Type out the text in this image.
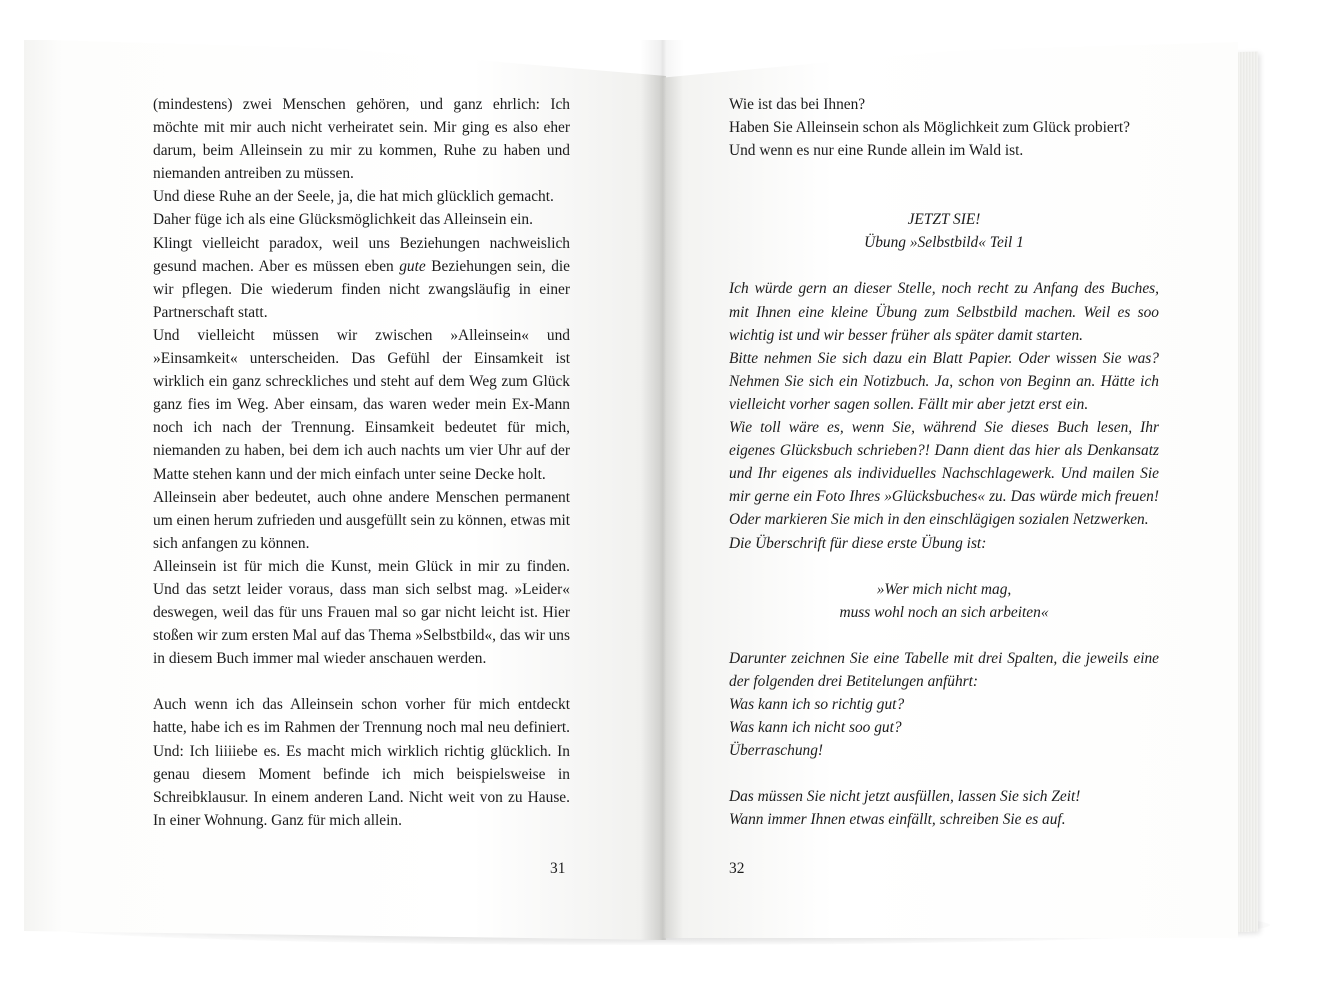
(mindestens) zwei Menschen gehören, und ganz ehrlich: Ich möchte mit mir auch nicht verheiratet sein. Mir ging es also eher darum, beim Alleinsein zu mir zu kommen, Ruhe zu haben und niemanden antreiben zu müssen.

Und diese Ruhe an der Seele, ja, die hat mich glücklich gemacht.

Daher füge ich als eine Glücksmöglichkeit das Alleinsein ein.

Klingt vielleicht paradox, weil uns Beziehungen nachweislich gesund machen. Aber es müssen eben gute Beziehungen sein, die wir pflegen. Die wiederum finden nicht zwangsläufig in einer Partnerschaft statt.

Und vielleicht müssen wir zwischen »Alleinsein« und »Einsamkeit« unterscheiden. Das Gefühl der Einsamkeit ist wirklich ein ganz schreckliches und steht auf dem Weg zum Glück ganz fies im Weg. Aber einsam, das waren weder mein Ex-Mann noch ich nach der Trennung. Einsamkeit bedeutet für mich, niemanden zu haben, bei dem ich auch nachts um vier Uhr auf der Matte stehen kann und der mich einfach unter seine Decke holt.

Alleinsein aber bedeutet, auch ohne andere Menschen permanent um einen herum zufrieden und ausgefüllt sein zu können, etwas mit sich anfangen zu können.

Alleinsein ist für mich die Kunst, mein Glück in mir zu finden. Und das setzt leider voraus, dass man sich selbst mag. »Leider« deswegen, weil das für uns Frauen mal so gar nicht leicht ist. Hier stoßen wir zum ersten Mal auf das Thema »Selbstbild«, das wir uns in diesem Buch immer mal wieder anschauen werden.

Auch wenn ich das Alleinsein schon vorher für mich entdeckt hatte, habe ich es im Rahmen der Trennung noch mal neu definiert. Und: Ich liiiiebe es. Es macht mich wirklich richtig glücklich. In genau diesem Moment befinde ich mich beispielsweise in Schreibklausur. In einem anderen Land. Nicht weit von zu Hause. In einer Wohnung. Ganz für mich allein.

31

Wie ist das bei Ihnen?

Haben Sie Alleinsein schon als Möglichkeit zum Glück probiert?

Und wenn es nur eine Runde allein im Wald ist.

JETZT SIE!

Übung »Selbstbild« Teil 1

Ich würde gern an dieser Stelle, noch recht zu Anfang des Buches, mit Ihnen eine kleine Übung zum Selbstbild machen. Weil es soo wichtig ist und wir besser früher als später damit starten.

Bitte nehmen Sie sich dazu ein Blatt Papier. Oder wissen Sie was? Nehmen Sie sich ein Notizbuch. Ja, schon von Beginn an. Hätte ich vielleicht vorher sagen sollen. Fällt mir aber jetzt erst ein.

Wie toll wäre es, wenn Sie, während Sie dieses Buch lesen, Ihr eigenes Glücksbuch schrieben?! Dann dient das hier als Denkansatz und Ihr eigenes als individuelles Nachschlagewerk. Und mailen Sie mir gerne ein Foto Ihres »Glücksbuches« zu. Das würde mich freuen! Oder markieren Sie mich in den einschlägigen sozialen Netzwerken.

Die Überschrift für diese erste Übung ist:

»Wer mich nicht mag,

muss wohl noch an sich arbeiten«

Darunter zeichnen Sie eine Tabelle mit drei Spalten, die jeweils eine der folgenden drei Betitelungen anführt:

Was kann ich so richtig gut?

Was kann ich nicht soo gut?

Überraschung!

Das müssen Sie nicht jetzt ausfüllen, lassen Sie sich Zeit!

Wann immer Ihnen etwas einfällt, schreiben Sie es auf.

32
